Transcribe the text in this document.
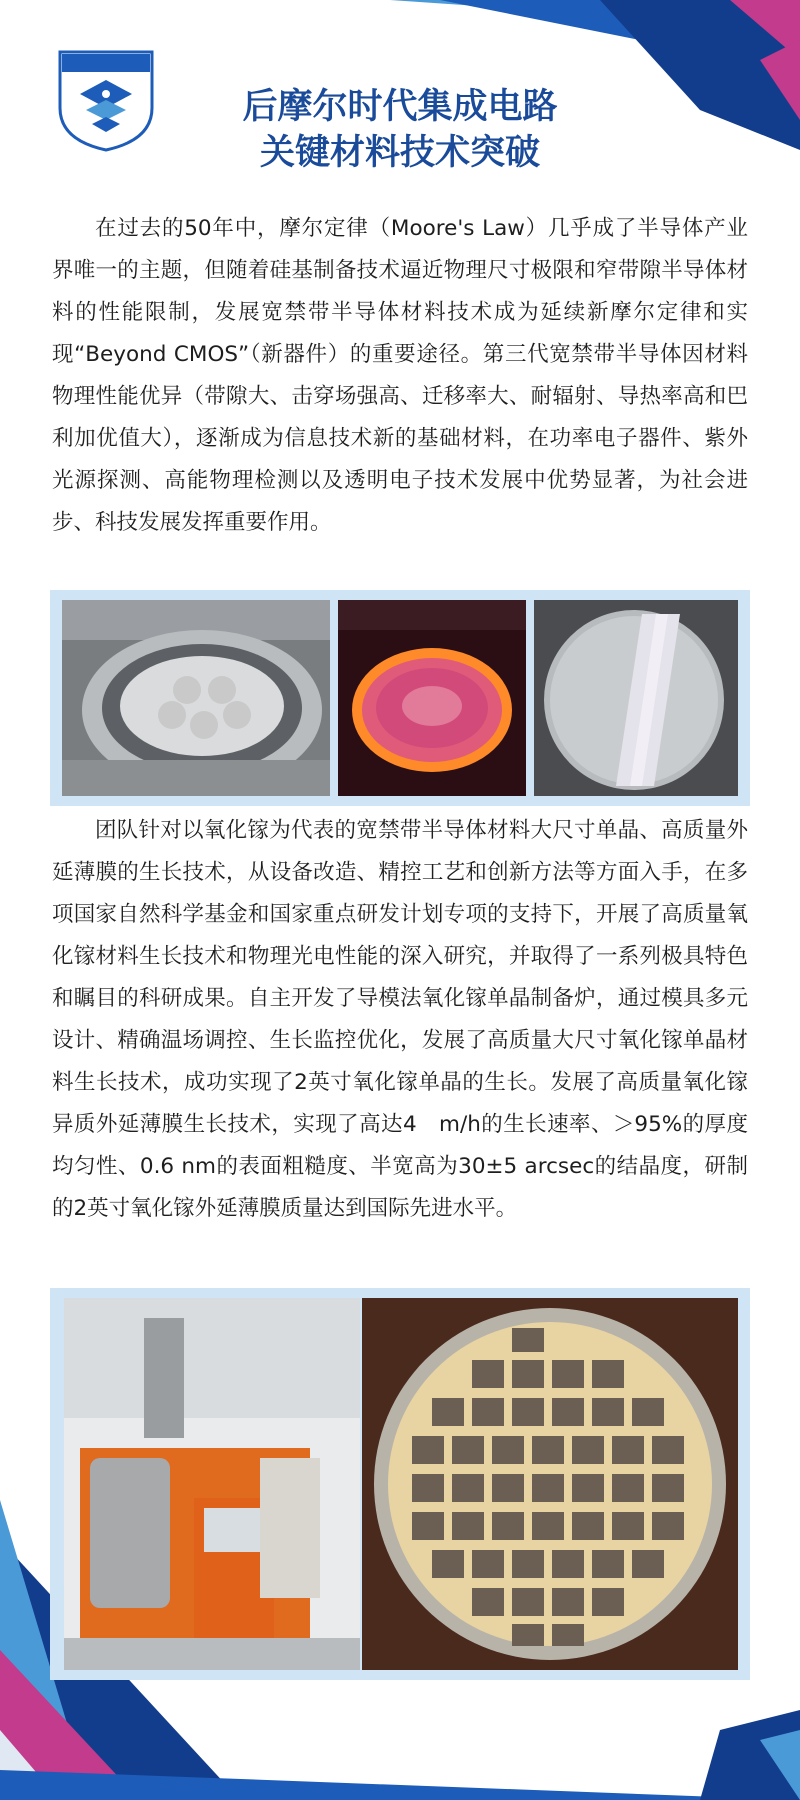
后摩尔时代集成电路
关键材料技术突破

在过去的50年中，摩尔定律（Moore's Law）几乎成了半导体产业界唯一的主题，但随着硅基制备技术逼近物理尺寸极限和窄带隙半导体材料的性能限制，发展宽禁带半导体材料技术成为延续新摩尔定律和实现“Beyond CMOS”（新器件）的重要途径。第三代宽禁带半导体因材料物理性能优异（带隙大、击穿场强高、迁移率大、耐辐射、导热率高和巴利加优值大），逐渐成为信息技术新的基础材料，在功率电子器件、紫外光源探测、高能物理检测以及透明电子技术发展中优势显著，为社会进步、科技发展发挥重要作用。

团队针对以氧化镓为代表的宽禁带半导体材料大尺寸单晶、高质量外延薄膜的生长技术，从设备改造、精控工艺和创新方法等方面入手，在多项国家自然科学基金和国家重点研发计划专项的支持下，开展了高质量氧化镓材料生长技术和物理光电性能的深入研究，并取得了一系列极具特色和瞩目的科研成果。自主开发了导模法氧化镓单晶制备炉，通过模具多元设计、精确温场调控、生长监控优化，发展了高质量大尺寸氧化镓单晶材料生长技术，成功实现了2英寸氧化镓单晶的生长。发展了高质量氧化镓异质外延薄膜生长技术，实现了高达4　m/h的生长速率、＞95%的厚度均匀性、0.6 nm的表面粗糙度、半宽高为30±5 arcsec的结晶度，研制的2英寸氧化镓外延薄膜质量达到国际先进水平。
